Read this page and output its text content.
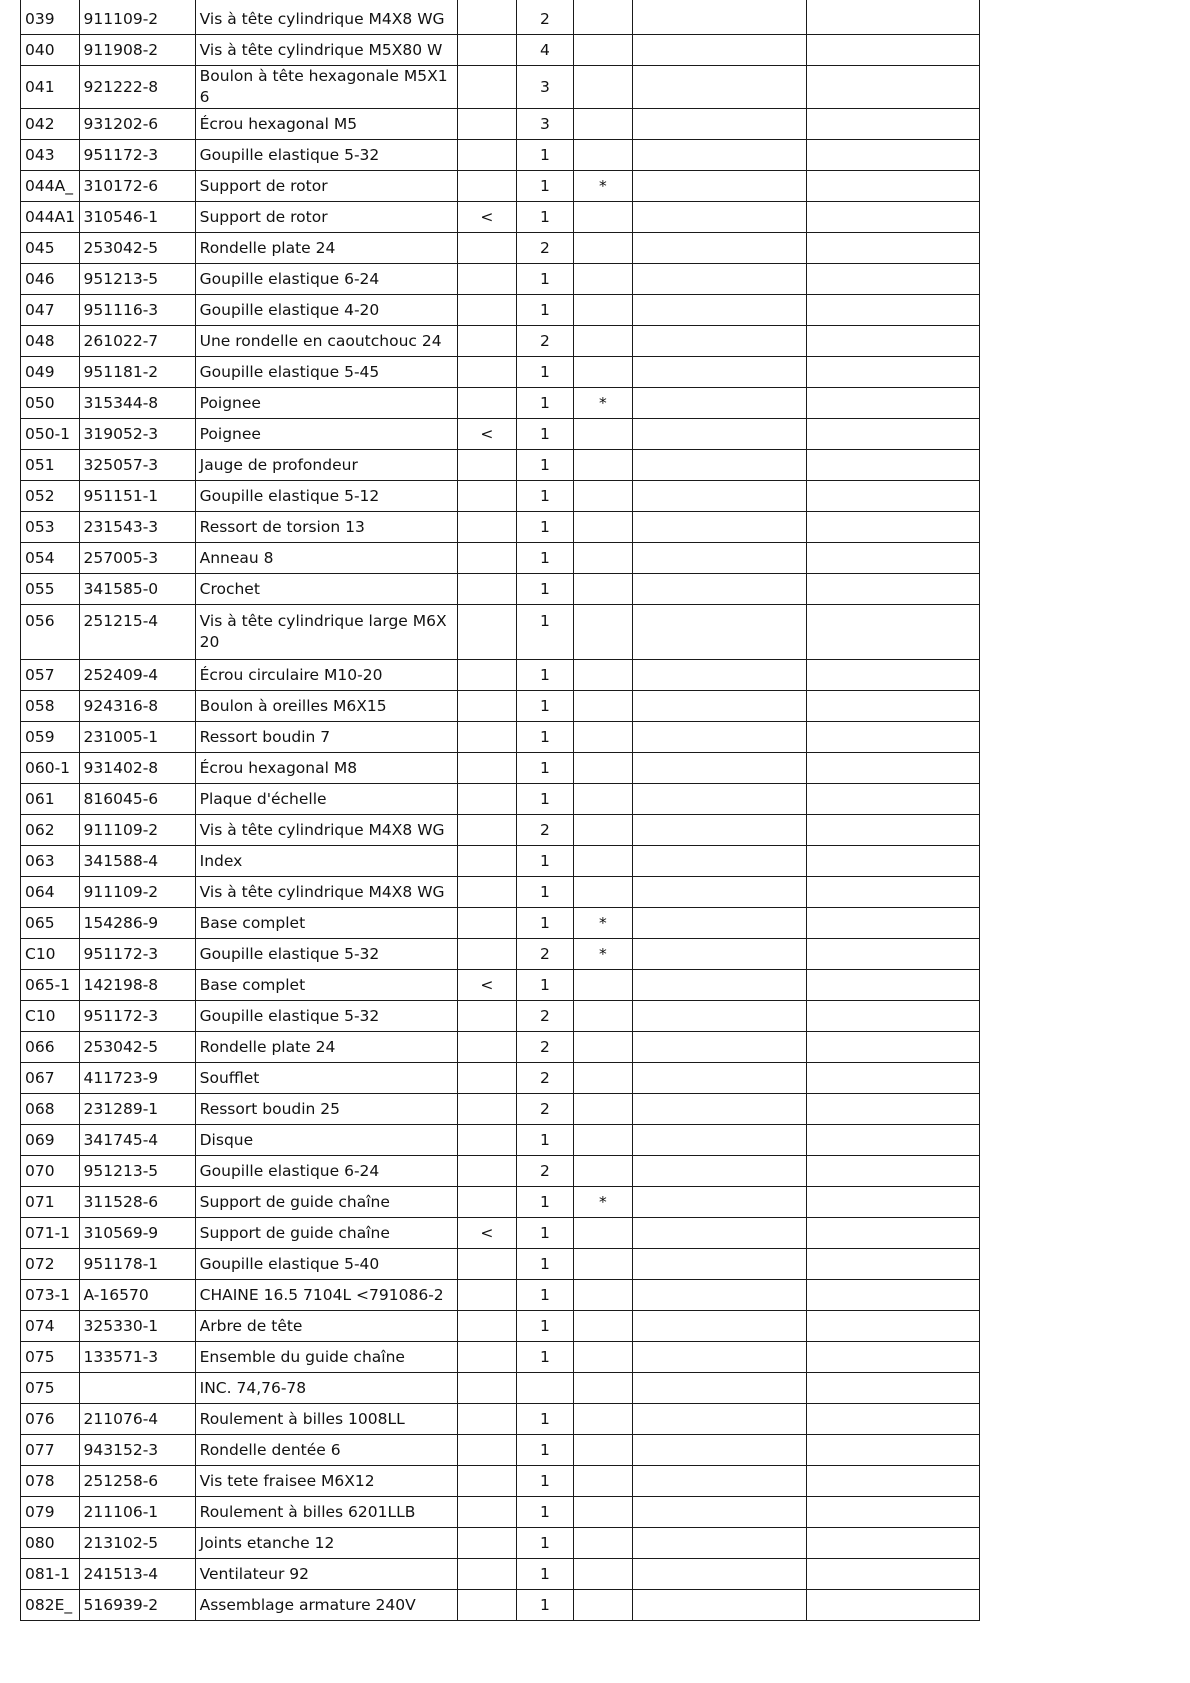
039	911109-2	Vis à tête cylindrique M4X8 WG		2			
040	911908-2	Vis à tête cylindrique M5X80 W		4			
041	921222-8	Boulon à tête hexagonale M5X16		3			
042	931202-6	Écrou hexagonal M5		3			
043	951172-3	Goupille elastique 5-32		1			
044A_	310172-6	Support de rotor		1	*		
044A1	310546-1	Support de rotor	<	1			
045	253042-5	Rondelle plate 24		2			
046	951213-5	Goupille elastique 6-24		1			
047	951116-3	Goupille elastique 4-20		1			
048	261022-7	Une rondelle en caoutchouc 24		2			
049	951181-2	Goupille elastique 5-45		1			
050	315344-8	Poignee		1	*		
050-1	319052-3	Poignee	<	1			
051	325057-3	Jauge de profondeur		1			
052	951151-1	Goupille elastique 5-12		1			
053	231543-3	Ressort de torsion 13		1			
054	257005-3	Anneau 8		1			
055	341585-0	Crochet		1			
056	251215-4	Vis à tête cylindrique large M6X20		1			
057	252409-4	Écrou circulaire M10-20		1			
058	924316-8	Boulon à oreilles M6X15		1			
059	231005-1	Ressort boudin 7		1			
060-1	931402-8	Écrou hexagonal M8		1			
061	816045-6	Plaque d'échelle		1			
062	911109-2	Vis à tête cylindrique M4X8 WG		2			
063	341588-4	Index		1			
064	911109-2	Vis à tête cylindrique M4X8 WG		1			
065	154286-9	Base complet		1	*		
C10	951172-3	Goupille elastique 5-32		2	*		
065-1	142198-8	Base complet	<	1			
C10	951172-3	Goupille elastique 5-32		2			
066	253042-5	Rondelle plate 24		2			
067	411723-9	Soufflet		2			
068	231289-1	Ressort boudin 25		2			
069	341745-4	Disque		1			
070	951213-5	Goupille elastique 6-24		2			
071	311528-6	Support de guide chaîne		1	*		
071-1	310569-9	Support de guide chaîne	<	1			
072	951178-1	Goupille elastique 5-40		1			
073-1	A-16570	CHAINE 16.5 7104L <791086-2		1			
074	325330-1	Arbre de tête		1			
075	133571-3	Ensemble du guide chaîne		1			
075		INC. 74,76-78					
076	211076-4	Roulement à billes 1008LL		1			
077	943152-3	Rondelle dentée 6		1			
078	251258-6	Vis tete fraisee M6X12		1			
079	211106-1	Roulement à billes 6201LLB		1			
080	213102-5	Joints etanche 12		1			
081-1	241513-4	Ventilateur 92		1			
082E_	516939-2	Assemblage armature 240V		1			
